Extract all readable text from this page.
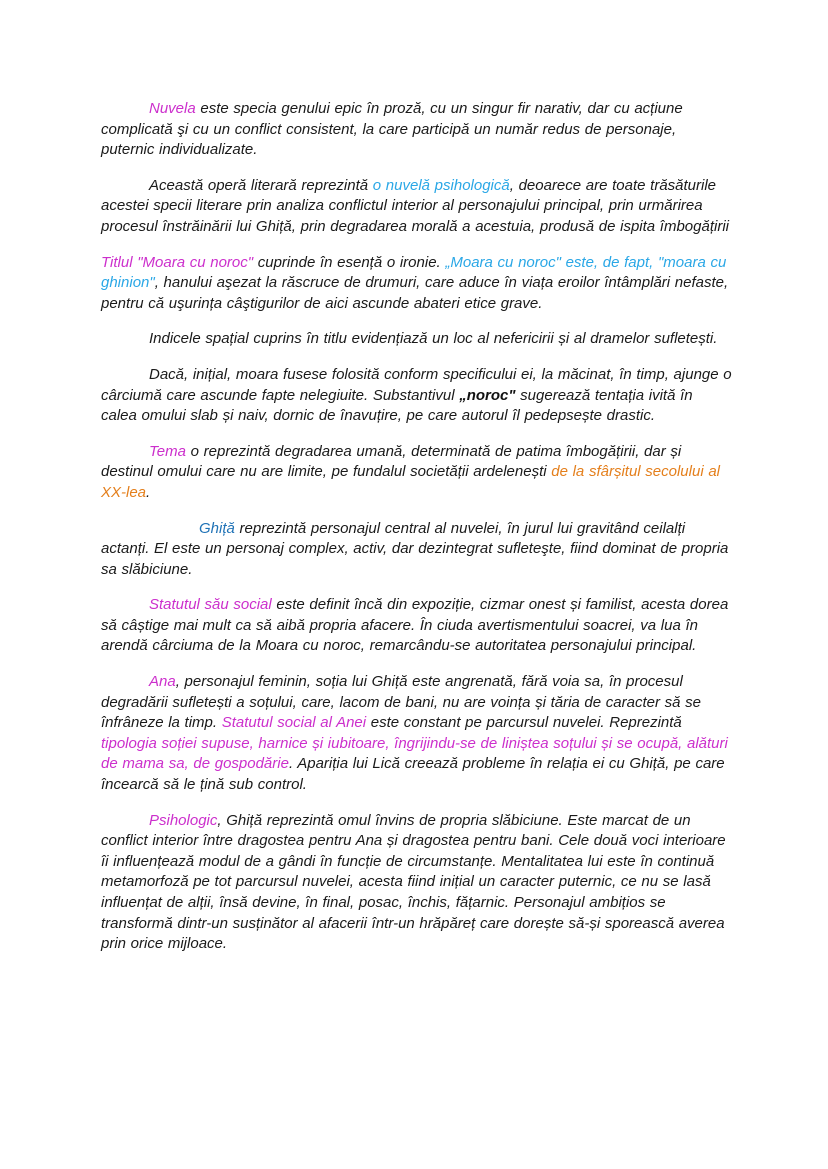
Nuvela este specia genului epic în proză, cu un singur fir narativ, dar cu acțiune complicată şi cu un conflict consistent, la care participă un număr redus de personaje, puternic individualizate.

Această operă literară reprezintă o nuvelă psihologică, deoarece are toate trăsăturile acestei specii literare prin analiza conflictul interior al personajului principal, prin urmărirea procesul înstrăinării lui Ghiță, prin degradarea morală a acestuia, produsă de ispita îmbogățirii

Titlul "Moara cu noroc" cuprinde în esență o ironie. „Moara cu noroc" este, de fapt, "moara cu ghinion", hanului aşezat la răscruce de drumuri, care aduce în viața eroilor întâmplări nefaste, pentru că uşurința câştigurilor de aici ascunde abateri etice grave.

Indicele spațial cuprins în titlu evidențiază un loc al nefericirii și al dramelor sufletești.

Dacă, inițial, moara fusese folosită conform specificului ei, la măcinat, în timp, ajunge o cârciumă care ascunde fapte nelegiuite. Substantivul „noroc" sugerează tentația ivită în calea omului slab și naiv, dornic de înavuțire, pe care autorul îl pedepsește drastic.

Tema o reprezintă degradarea umană, determinată de patima îmbogățirii, dar și destinul omului care nu are limite, pe fundalul societății ardelenești de la sfârșitul secolului al XX-lea.

Ghiță reprezintă personajul central al nuvelei, în jurul lui gravitând ceilalți actanți. El este un personaj complex, activ, dar dezintegrat sufleteşte, fiind dominat de propria sa slăbiciune.

Statutul său social este definit încă din expoziție, cizmar onest și familist, acesta dorea să câștige mai mult ca să aibă propria afacere. În ciuda avertismentului soacrei, va lua în arendă cârciuma de la Moara cu noroc, remarcându-se autoritatea personajului principal.

Ana, personajul feminin, soția lui Ghiță este angrenată, fără voia sa, în procesul degradării sufletești a soțului, care, lacom de bani, nu are voința și tăria de caracter să se înfrâneze la timp. Statutul social al Anei este constant pe parcursul nuvelei. Reprezintă tipologia soției supuse, harnice și iubitoare, îngrijindu-se de liniștea soțului și se ocupă, alături de mama sa, de gospodărie. Apariția lui Lică creează probleme în relația ei cu Ghiță, pe care încearcă să le țină sub control.

Psihologic, Ghiță reprezintă omul învins de propria slăbiciune. Este marcat de un conflict interior între dragostea pentru Ana și dragostea pentru bani. Cele două voci interioare îi influențează modul de a gândi în funcție de circumstanțe. Mentalitatea lui este în continuă metamorfoză pe tot parcursul nuvelei, acesta fiind inițial un caracter puternic, ce nu se lasă influențat de alții, însă devine, în final, posac, închis, fățarnic. Personajul ambițios se transformă dintr-un susținător al afacerii într-un hrăpăreț care dorește să-și sporească averea prin orice mijloace.
